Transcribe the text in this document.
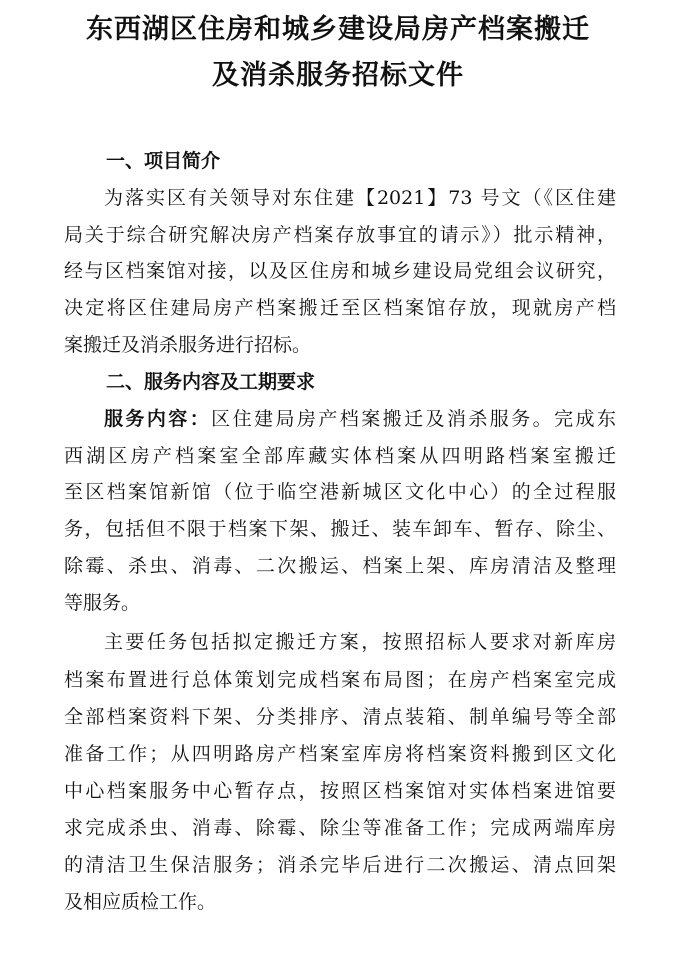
东西湖区住房和城乡建设局房产档案搬迁
及消杀服务招标文件
一、项目简介

为落实区有关领导对东住建【2021】73 号文（《区住建

局关于综合研究解决房产档案存放事宜的请示》）批示精神，

经与区档案馆对接，以及区住房和城乡建设局党组会议研究，

决定将区住建局房产档案搬迁至区档案馆存放，现就房产档

案搬迁及消杀服务进行招标。

二、服务内容及工期要求

服务内容：区住建局房产档案搬迁及消杀服务。完成东

西湖区房产档案室全部库藏实体档案从四明路档案室搬迁

至区档案馆新馆（位于临空港新城区文化中心）的全过程服

务，包括但不限于档案下架、搬迁、装车卸车、暂存、除尘、

除霉、杀虫、消毒、二次搬运、档案上架、库房清洁及整理

等服务。

主要任务包括拟定搬迁方案，按照招标人要求对新库房

档案布置进行总体策划完成档案布局图；在房产档案室完成

全部档案资料下架、分类排序、清点装箱、制单编号等全部

准备工作；从四明路房产档案室库房将档案资料搬到区文化

中心档案服务中心暂存点，按照区档案馆对实体档案进馆要

求完成杀虫、消毒、除霉、除尘等准备工作；完成两端库房

的清洁卫生保洁服务；消杀完毕后进行二次搬运、清点回架

及相应质检工作。
